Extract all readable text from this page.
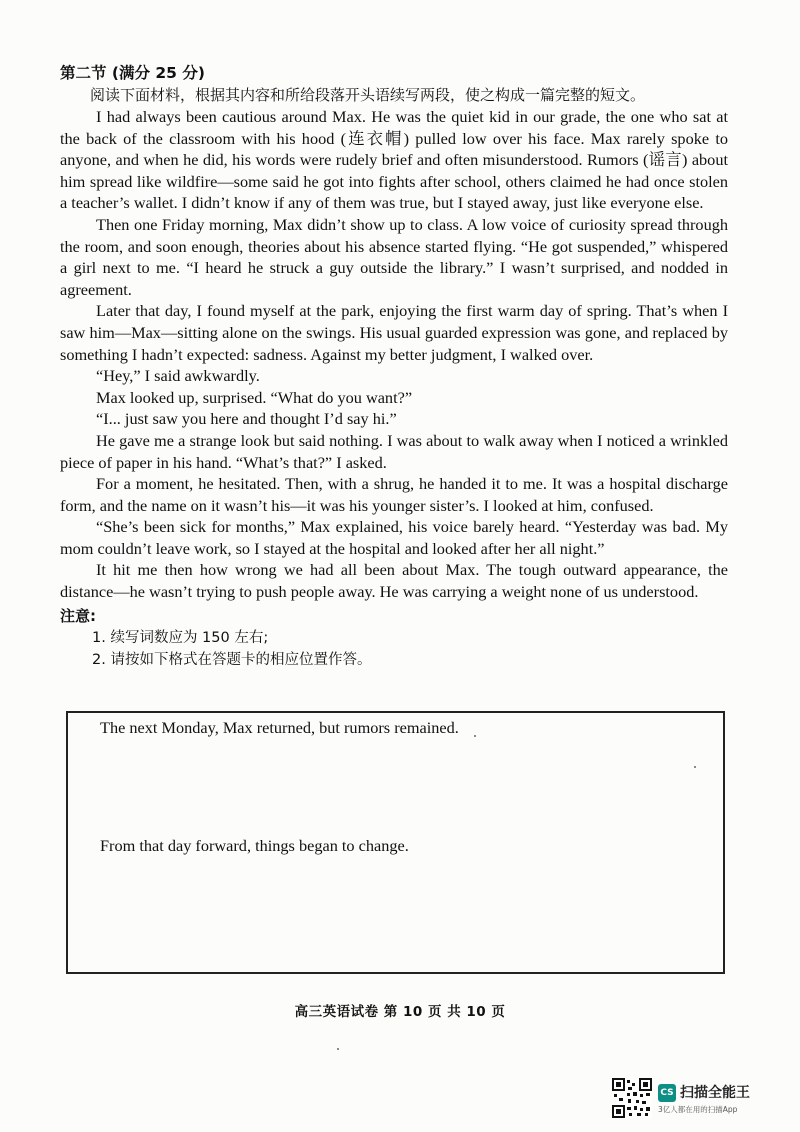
第二节 (满分 25 分)

阅读下面材料，根据其内容和所给段落开头语续写两段，使之构成一篇完整的短文。

I had always been cautious around Max. He was the quiet kid in our grade, the one who sat at the back of the classroom with his hood (连衣帽) pulled low over his face. Max rarely spoke to anyone, and when he did, his words were rudely brief and often misunderstood. Rumors (谣言) about him spread like wildfire—some said he got into fights after school, others claimed he had once stolen a teacher’s wallet. I didn’t know if any of them was true, but I stayed away, just like everyone else.

Then one Friday morning, Max didn’t show up to class. A low voice of curiosity spread through the room, and soon enough, theories about his absence started flying. “He got suspended,” whispered a girl next to me. “I heard he struck a guy outside the library.” I wasn’t surprised, and nodded in agreement.

Later that day, I found myself at the park, enjoying the first warm day of spring. That’s when I saw him—Max—sitting alone on the swings. His usual guarded expression was gone, and replaced by something I hadn’t expected: sadness. Against my better judgment, I walked over.

“Hey,” I said awkwardly.

Max looked up, surprised. “What do you want?”

“I... just saw you here and thought I’d say hi.”

He gave me a strange look but said nothing. I was about to walk away when I noticed a wrinkled piece of paper in his hand. “What’s that?” I asked.

For a moment, he hesitated. Then, with a shrug, he handed it to me. It was a hospital discharge form, and the name on it wasn’t his—it was his younger sister’s. I looked at him, confused.

“She’s been sick for months,” Max explained, his voice barely heard. “Yesterday was bad. My mom couldn’t leave work, so I stayed at the hospital and looked after her all night.”

It hit me then how wrong we had all been about Max. The tough outward appearance, the distance—he wasn’t trying to push people away. He was carrying a weight none of us understood.

注意:

1. 续写词数应为 150 左右;

2. 请按如下格式在答题卡的相应位置作答。

The next Monday, Max returned, but rumors remained.

From that day forward, things began to change.

高三英语试卷 第 10 页 共 10 页
CS 扫描全能王
3亿人都在用的扫描App
